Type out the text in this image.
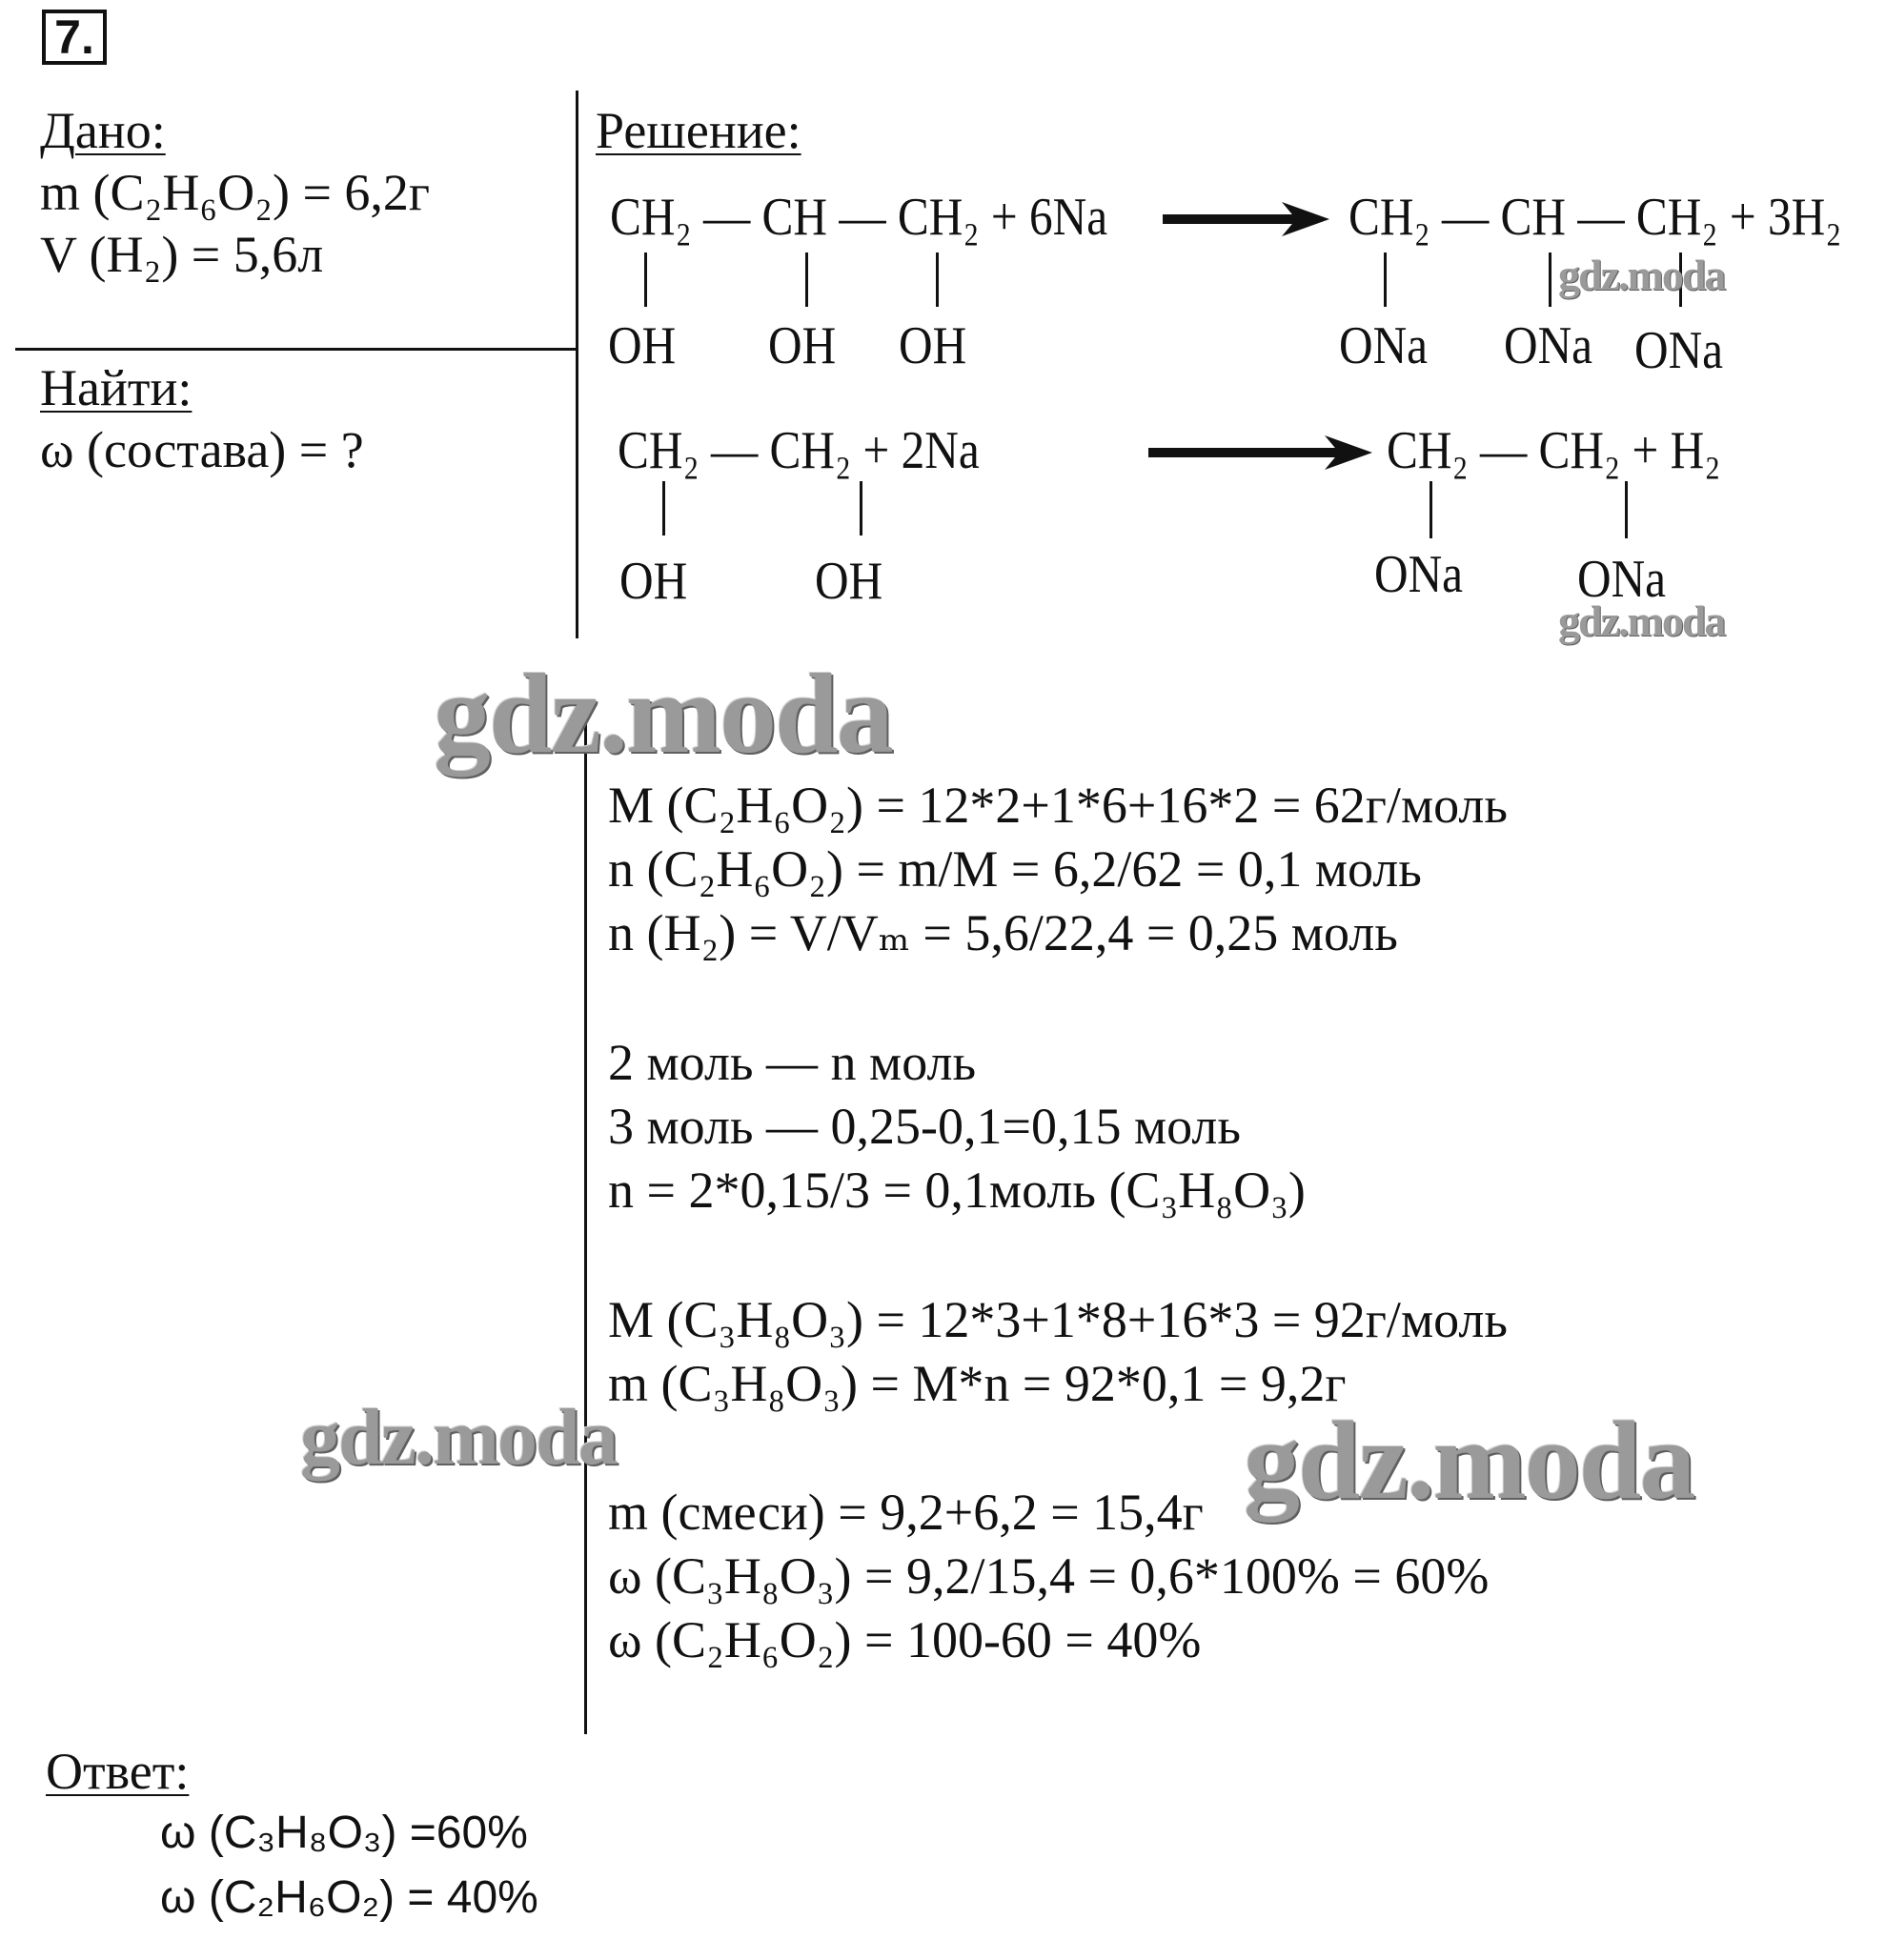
7.
Дано:
m (C₂H₆O₂) = 6,2г
V (H₂) = 5,6л
Найти:
ω (состава) = ?
Решение:
CH₂ — CH — CH₂ + 6Na
OH OH OH
CH₂ — CH — CH₂ + 3H₂
ONa ONa ONa
CH₂ — CH₂ + 2Na
OH OH
CH₂ — CH₂ + H₂
ONa ONa
M (C₂H₆O₂) = 12*2+1*6+16*2 = 62г/моль
n (C₂H₆O₂) = m/M = 6,2/62 = 0,1 моль
n (H₂) = V/Vₘ = 5,6/22,4 = 0,25 моль
2 моль — n моль
3 моль — 0,25-0,1=0,15 моль
n = 2*0,15/3 = 0,1моль (C₃H₈O₃)
M (C₃H₈O₃) = 12*3+1*8+16*3 = 92г/моль
m (C₃H₈O₃) = M*n = 92*0,1 = 9,2г
m (смеси) = 9,2+6,2 = 15,4г
ω (C₃H₈O₃) = 9,2/15,4 = 0,6*100% = 60%
ω (C₂H₆O₂) = 100-60 = 40%
Ответ:
ω (C₃H₈O₃) =60%
ω (C₂H₆O₂) = 40%
gdz.moda
gdz.moda
gdz.moda
gdz.moda	gdz.moda
